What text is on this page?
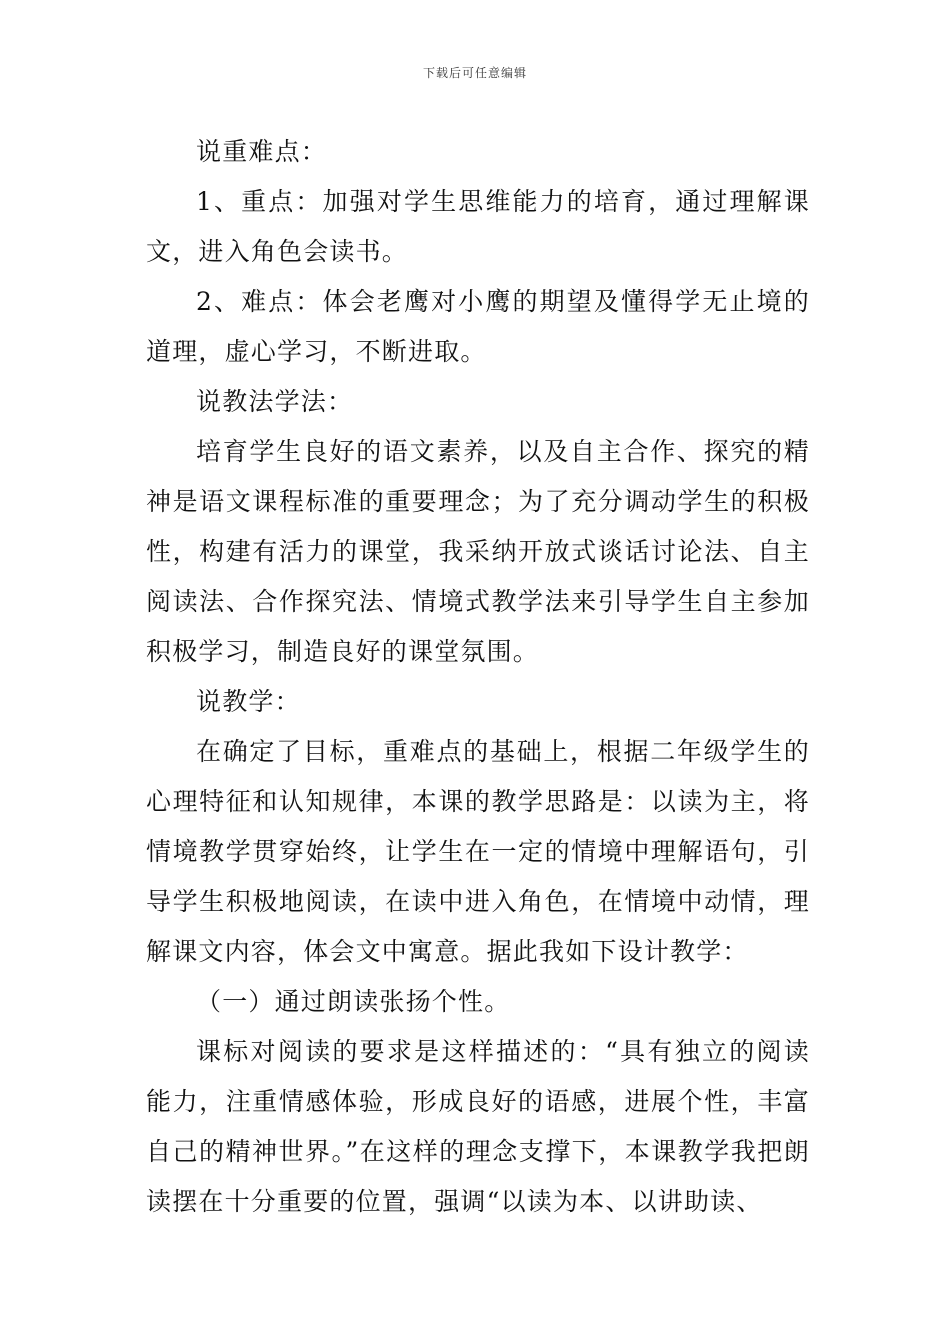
下载后可任意编辑

说重难点：

1、重点：加强对学生思维能力的培育，通过理解课文，进入角色会读书。

2、难点：体会老鹰对小鹰的期望及懂得学无止境的道理，虚心学习，不断进取。

说教法学法：

培育学生良好的语文素养，以及自主合作、探究的精神是语文课程标准的重要理念；为了充分调动学生的积极性，构建有活力的课堂，我采纳开放式谈话讨论法、自主阅读法、合作探究法、情境式教学法来引导学生自主参加积极学习，制造良好的课堂氛围。

说教学：

在确定了目标，重难点的基础上，根据二年级学生的心理特征和认知规律，本课的教学思路是：以读为主，将情境教学贯穿始终，让学生在一定的情境中理解语句，引导学生积极地阅读，在读中进入角色，在情境中动情，理解课文内容，体会文中寓意。据此我如下设计教学：

（一）通过朗读张扬个性。

课标对阅读的要求是这样描述的：“具有独立的阅读能力，注重情感体验，形成良好的语感，进展个性，丰富自己的精神世界。”在这样的理念支撑下，本课教学我把朗读摆在十分重要的位置，强调“以读为本、以讲助读、
